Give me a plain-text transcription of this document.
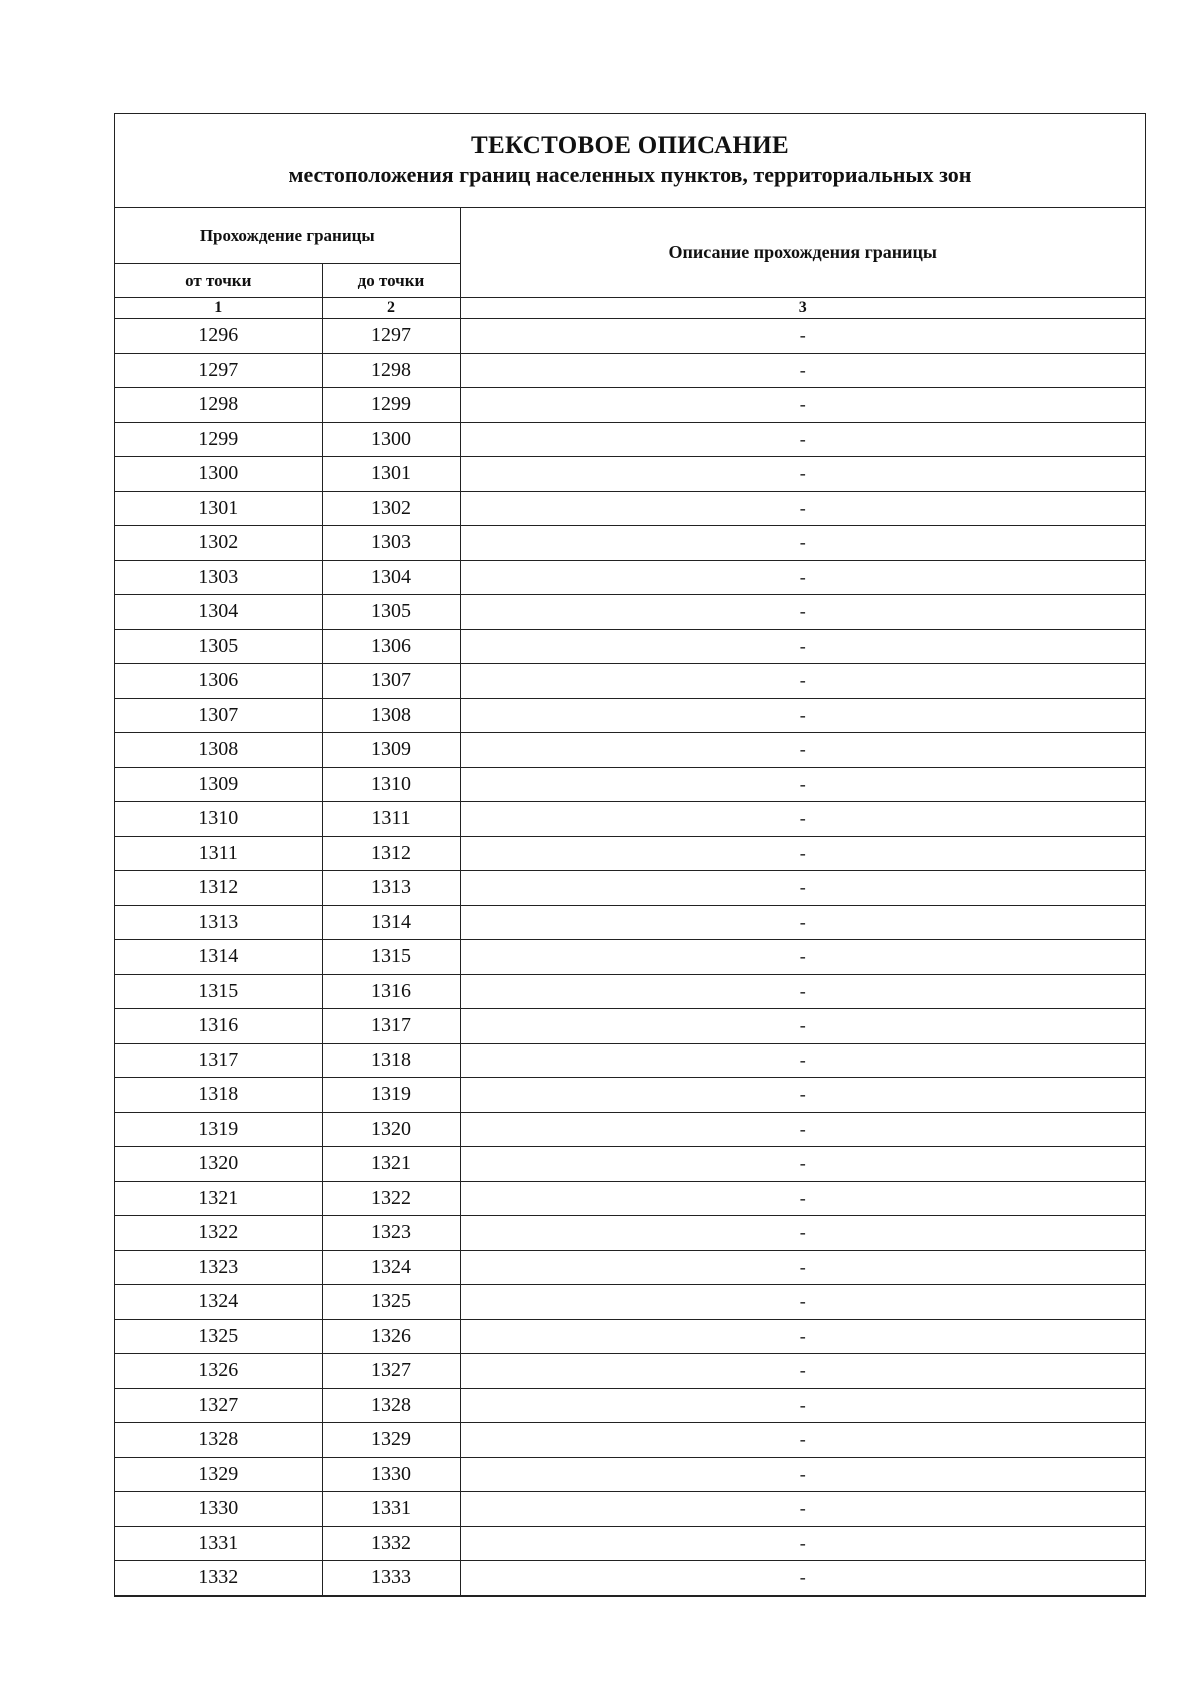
ТЕКСТОВОЕ ОПИСАНИЕ
местоположения границ населенных пунктов, территориальных зон
Прохождение границы		Описание прохождения границы
от точки	до точки	
1	2	3
1296	1297	-
1297	1298	-
1298	1299	-
1299	1300	-
1300	1301	-
1301	1302	-
1302	1303	-
1303	1304	-
1304	1305	-
1305	1306	-
1306	1307	-
1307	1308	-
1308	1309	-
1309	1310	-
1310	1311	-
1311	1312	-
1312	1313	-
1313	1314	-
1314	1315	-
1315	1316	-
1316	1317	-
1317	1318	-
1318	1319	-
1319	1320	-
1320	1321	-
1321	1322	-
1322	1323	-
1323	1324	-
1324	1325	-
1325	1326	-
1326	1327	-
1327	1328	-
1328	1329	-
1329	1330	-
1330	1331	-
1331	1332	-
1332	1333	-
